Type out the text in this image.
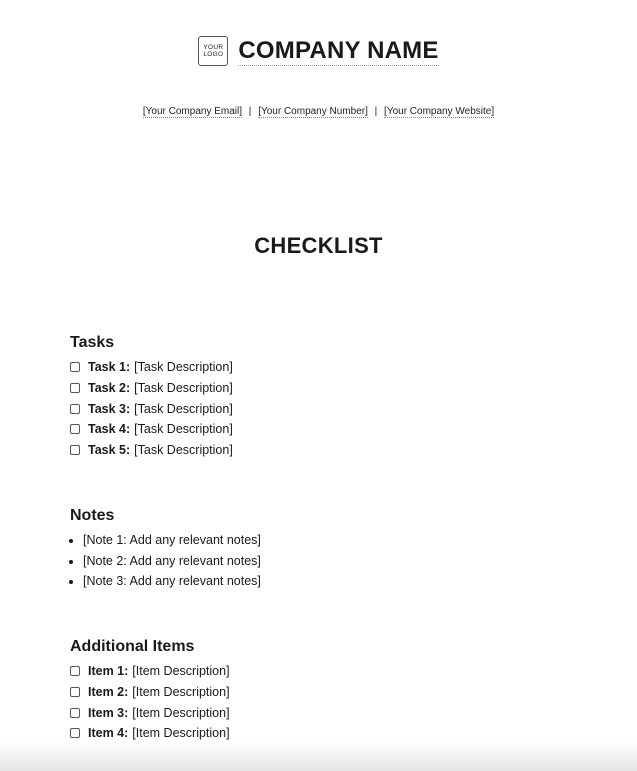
YOUR
LOGO COMPANY NAME
[Your Company Email] | [Your Company Number] | [Your Company Website]
CHECKLIST
Tasks
Task 1: [Task Description]
Task 2: [Task Description]
Task 3: [Task Description]
Task 4: [Task Description]
Task 5: [Task Description]
Notes
• [Note 1: Add any relevant notes]
• [Note 2: Add any relevant notes]
• [Note 3: Add any relevant notes]
Additional Items
Item 1: [Item Description]
Item 2: [Item Description]
Item 3: [Item Description]
Item 4: [Item Description]
